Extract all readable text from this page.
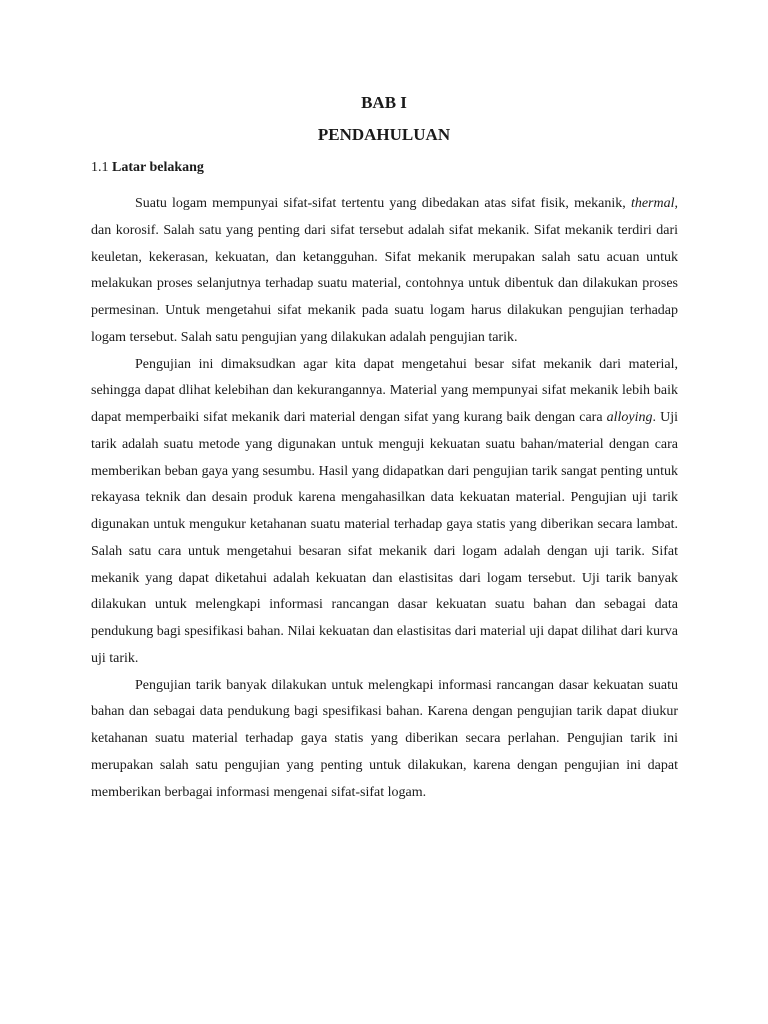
BAB I
PENDAHULUAN
1.1 Latar belakang

Suatu logam mempunyai sifat-sifat tertentu yang dibedakan atas sifat fisik, mekanik, thermal, dan korosif. Salah satu yang penting dari sifat tersebut adalah sifat mekanik. Sifat mekanik terdiri dari keuletan, kekerasan, kekuatan, dan ketangguhan. Sifat mekanik merupakan salah satu acuan untuk melakukan proses selanjutnya terhadap suatu material, contohnya untuk dibentuk dan dilakukan proses permesinan. Untuk mengetahui sifat mekanik pada suatu logam harus dilakukan pengujian terhadap logam tersebut. Salah satu pengujian yang dilakukan adalah pengujian tarik.

Pengujian ini dimaksudkan agar kita dapat mengetahui besar sifat mekanik dari material, sehingga dapat dlihat kelebihan dan kekurangannya. Material yang mempunyai sifat mekanik lebih baik dapat memperbaiki sifat mekanik dari material dengan sifat yang kurang baik dengan cara alloying. Uji tarik adalah suatu metode yang digunakan untuk menguji kekuatan suatu bahan/material dengan cara memberikan beban gaya yang sesumbu. Hasil yang didapatkan dari pengujian tarik sangat penting untuk rekayasa teknik dan desain produk karena mengahasilkan data kekuatan material. Pengujian uji tarik digunakan untuk mengukur ketahanan suatu material terhadap gaya statis yang diberikan secara lambat. Salah satu cara untuk mengetahui besaran sifat mekanik dari logam adalah dengan uji tarik. Sifat mekanik yang dapat diketahui adalah kekuatan dan elastisitas dari logam tersebut. Uji tarik banyak dilakukan untuk melengkapi informasi rancangan dasar kekuatan suatu bahan dan sebagai data pendukung bagi spesifikasi bahan. Nilai kekuatan dan elastisitas dari material uji dapat dilihat dari kurva uji tarik.

Pengujian tarik banyak dilakukan untuk melengkapi informasi rancangan dasar kekuatan suatu bahan dan sebagai data pendukung bagi spesifikasi bahan. Karena dengan pengujian tarik dapat diukur ketahanan suatu material terhadap gaya statis yang diberikan secara perlahan. Pengujian tarik ini merupakan salah satu pengujian yang penting untuk dilakukan, karena dengan pengujian ini dapat memberikan berbagai informasi mengenai sifat-sifat logam.
